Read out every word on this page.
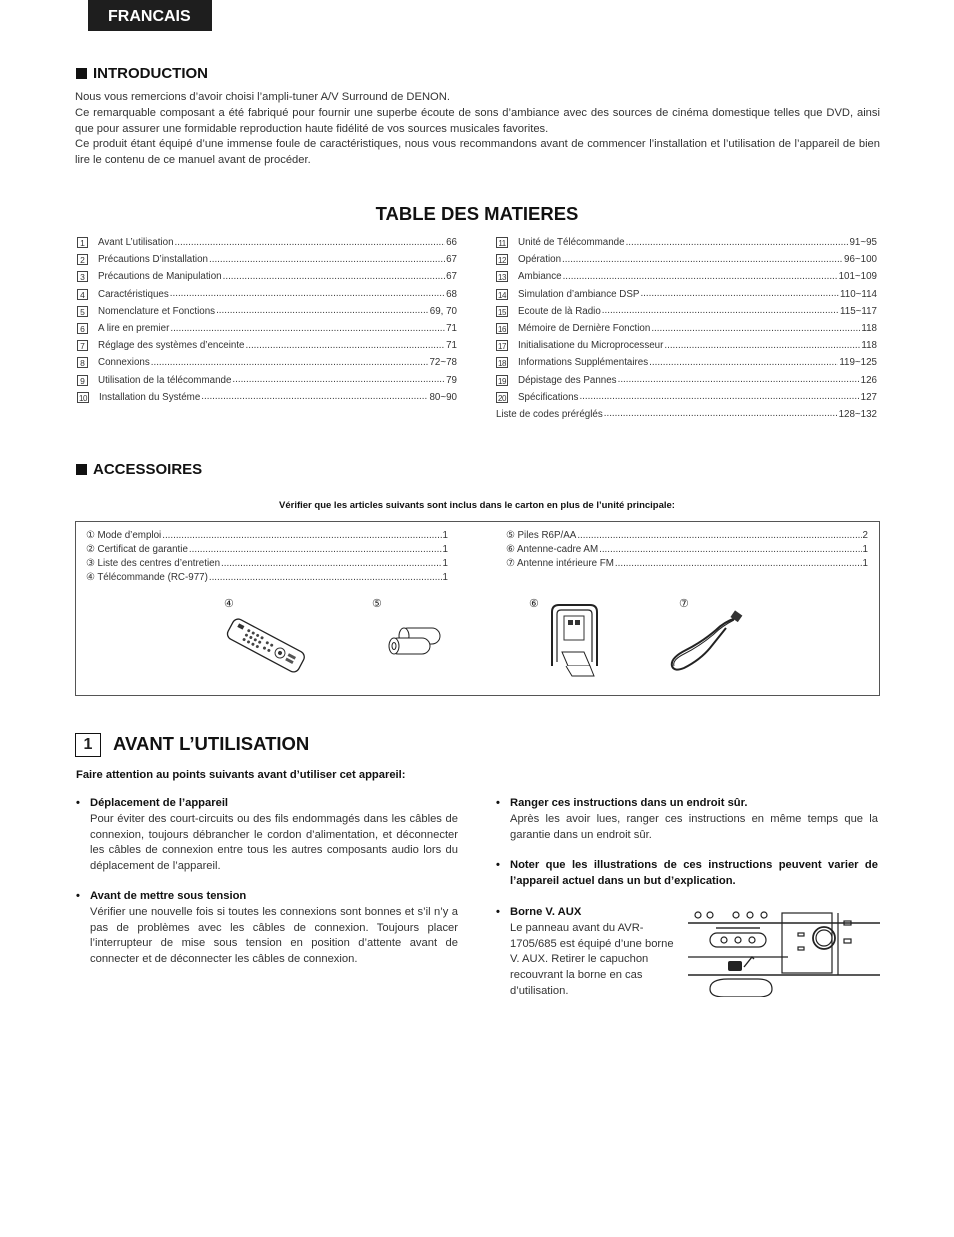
FRANCAIS
INTRODUCTION

Nous vous remercions d’avoir choisi l’ampli-tuner A/V Surround de DENON.

Ce remarquable composant a été fabriqué pour fournir une superbe écoute de sons d’ambiance avec des sources de cinéma domestique telles que DVD, ainsi que pour assurer une formidable reproduction haute fidélité de vos sources musicales favorites.

Ce produit étant équipé d’une immense foule de caractéristiques, nous vous recommandons avant de commencer l’installation et l’utilisation de l’appareil de bien lire le contenu de ce manuel avant de procéder.

TABLE DES MATIERES
1	Avant L’utilisation .....	66
2	Précautions D’installation .....	67
3	Précautions de Manipulation .....	67
4	Caractéristiques .....	68
5	Nomenclature et Fonctions .....	69, 70
6	A lire en premier .....	71
7	Réglage des systèmes d’enceinte .....	71
8	Connexions .....	72~78
9	Utilisation de la télécommande .....	79
10 Installation du Systéme .....	80~90
11 Unité de Télécommande .....	91~95
12 Opération .....	96~100
13 Ambiance .....	101~109
14 Simulation d’ambiance DSP .....	110~114
15 Ecoute de là Radio .....	115~117
16 Mémoire de Dernière Fonction .....	118
17 Initialisatione du Microprocesseur .....	118
18 Informations Supplémentaires .....	119~125
19 Dépistage des Pannes .....	126
20 Spécifications .....	127
Liste de codes préréglés .....	128~132
ACCESSOIRES
Vérifier que les articles suivants sont inclus dans le carton en plus de l’unité principale:
① Mode d’emploi .....	1
② Certificat de garantie .....	1
③ Liste des centres d’entretien .....	1
④ Télécommande (RC-977) .....	1
⑤ Piles R6P/AA .....	2
⑥ Antenne-cadre AM .....	1
⑦ Antenne intérieure FM .....	1
④	⑤	⑥	⑦
1	AVANT L’UTILISATION
Faire attention au points suivants avant d’utiliser cet appareil:
• Déplacement de l’appareil
Pour éviter des court-circuits ou des fils endommagés dans les câbles de connexion, toujours débrancher le cordon d’alimentation, et déconnecter les câbles de connexion entre tous les autres composants audio lors du déplacement de l’appareil.
• Avant de mettre sous tension
Vérifier une nouvelle fois si toutes les connexions sont bonnes et s’il n’y a pas de problèmes avec les câbles de connexion. Toujours placer l’interrupteur de mise sous tension en position d’attente avant de connecter et de déconnecter les câbles de connexion.
• Ranger ces instructions dans un endroit sûr.
Après les avoir lues, ranger ces instructions en même temps que la garantie dans un endroit sûr.
• Noter que les illustrations de ces instructions peuvent varier de l’appareil actuel dans un but d’explication.
• Borne V. AUX
Le panneau avant du AVR-1705/685 est équipé d’une borne V. AUX. Retirer le capuchon recouvrant la borne en cas d’utilisation.
